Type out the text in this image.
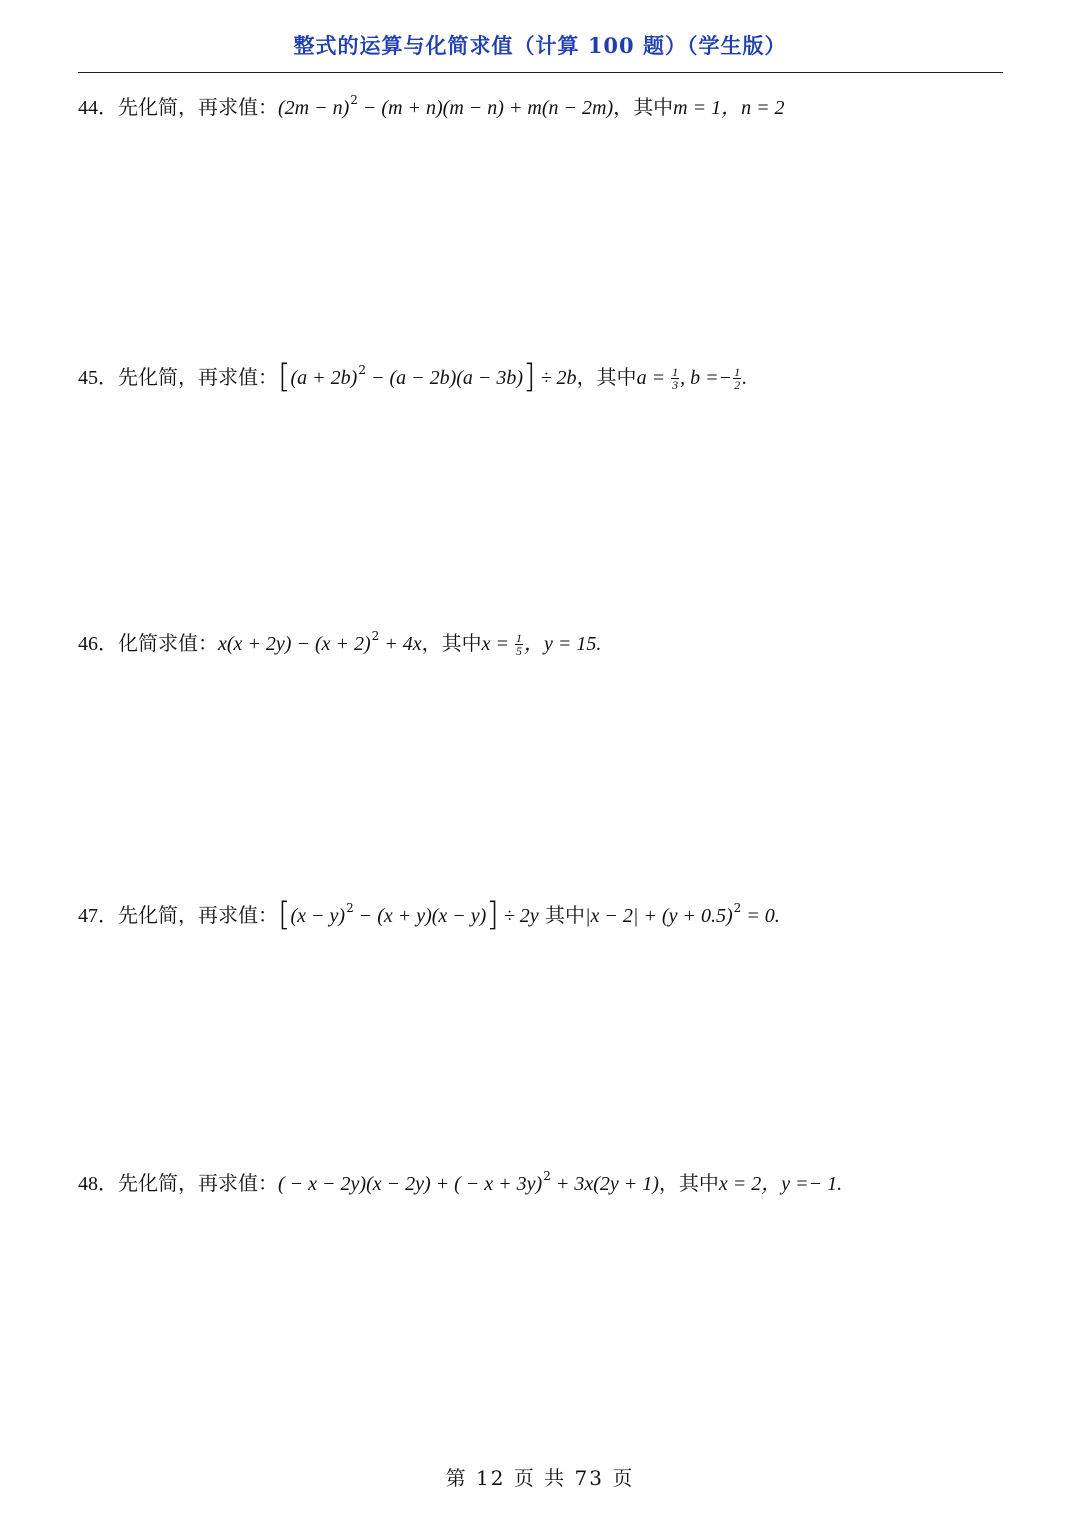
整式的运算与化简求值（计算 100 题）（学生版）
44．先化简，再求值：$(2m - n)^2 - (m + n)(m - n) + m(n - 2m)$，其中m = 1，n = 2
45．先化简，再求值：$[(a + 2b)^2 - (a - 2b)(a - 3b)] \div 2b$，其中$a = \frac{1}{3}$ , $b =- \frac{1}{2}$ .
46．化简求值：$x(x + 2y) - (x + 2)^2 + 4x$，其中$x = \frac{1}{5}$ ，y = 15.
47．先化简，再求值：$[(x - y)^2 - (x + y)(x - y)] \div 2y$ 其中$|x - 2| + (y + 0.5)^2 = 0$.
48．先化简，再求值：( − x − 2y)(x − 2y) + ( − x + 3y)$^2$ + 3x(2y + 1)，其中x = 2，y =− 1.
第 12 页 共 73 页
